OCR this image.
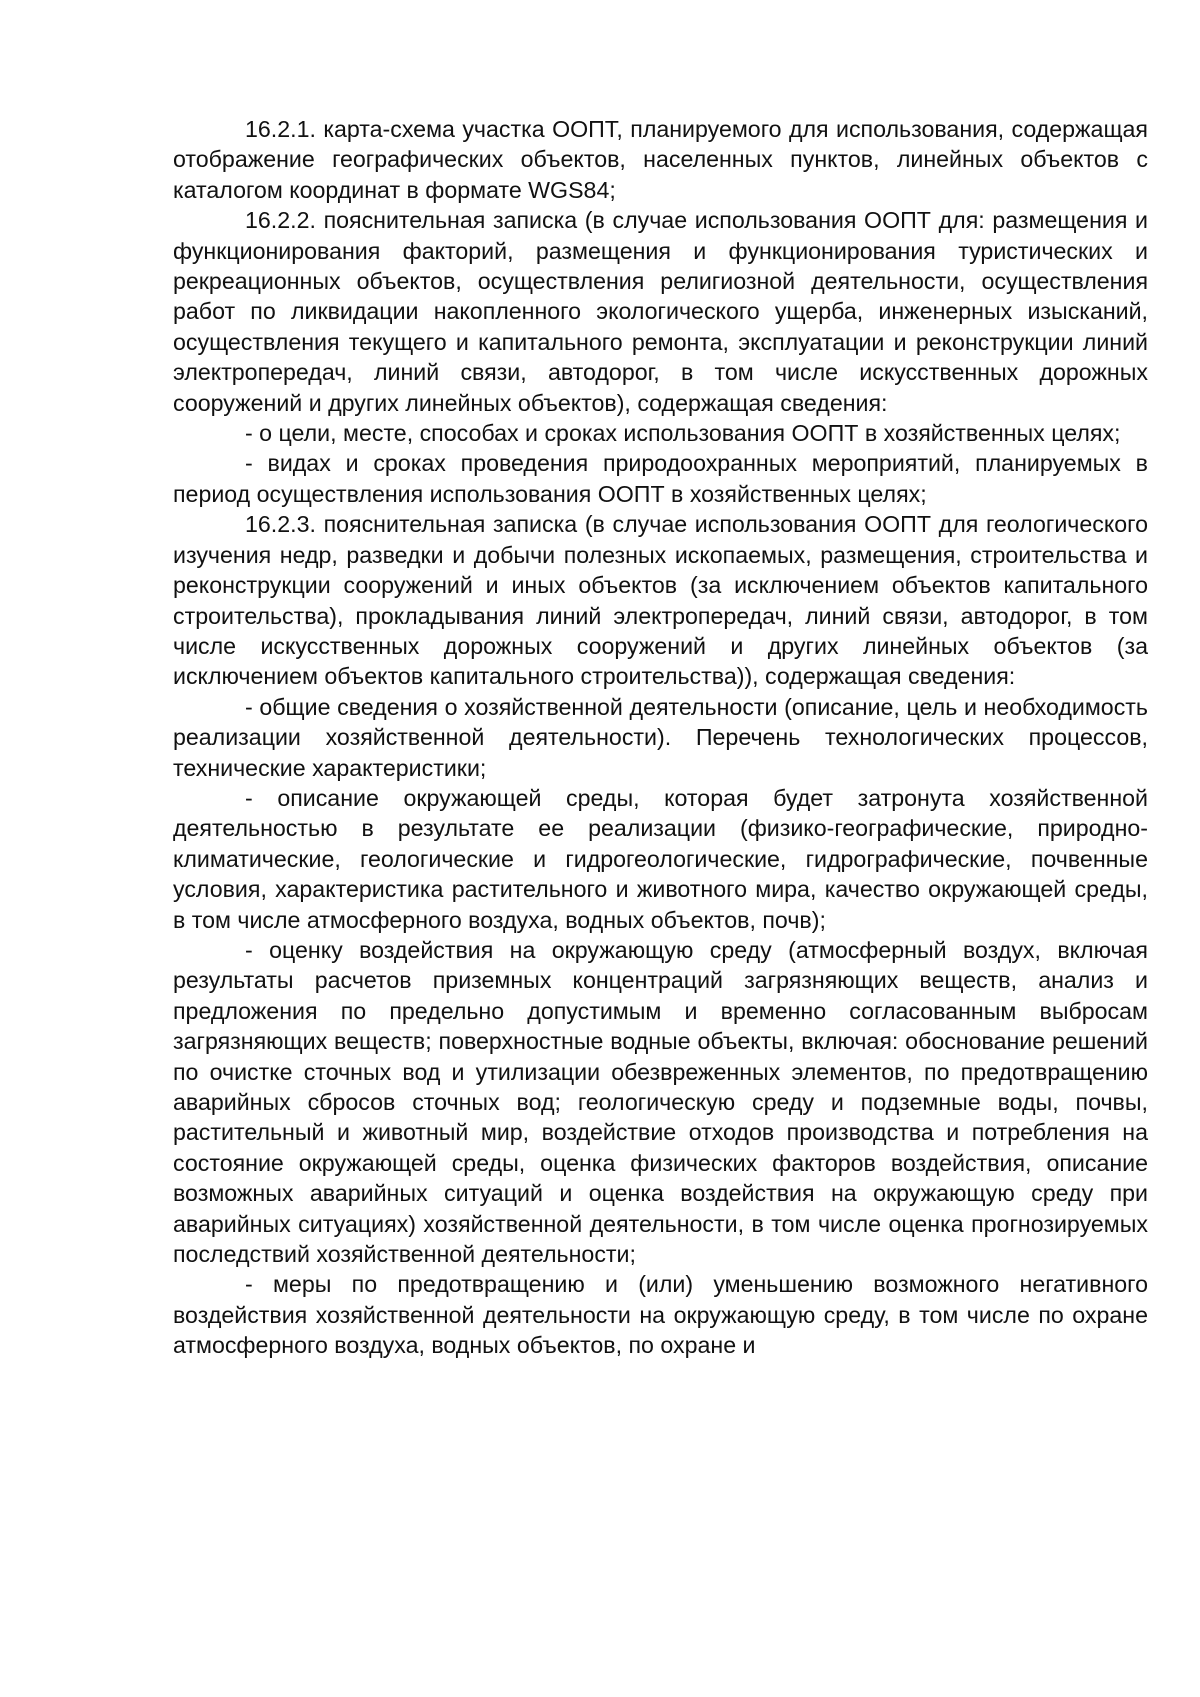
16.2.1. карта-схема участка ООПТ, планируемого для использования, содержащая отображение географических объектов, населенных пунктов, линейных объектов с каталогом координат в формате WGS84;

16.2.2. пояснительная записка (в случае использования ООПТ для: размещения и функционирования факторий, размещения и функционирования туристических и рекреационных объектов, осуществления религиозной деятельности, осуществления работ по ликвидации накопленного экологического ущерба, инженерных изысканий, осуществления текущего и капитального ремонта, эксплуатации и реконструкции линий электропередач, линий связи, автодорог, в том числе искусственных дорожных сооружений и других линейных объектов), содержащая сведения:

- о цели, месте, способах и сроках использования ООПТ в хозяйственных целях;

- видах и сроках проведения природоохранных мероприятий, планируемых в период осуществления использования ООПТ в хозяйственных целях;

16.2.3. пояснительная записка (в случае использования ООПТ для геологического изучения недр, разведки и добычи полезных ископаемых, размещения, строительства и реконструкции сооружений и иных объектов (за исключением объектов капитального строительства), прокладывания линий электропередач, линий связи, автодорог, в том числе искусственных дорожных сооружений и других линейных объектов (за исключением объектов капитального строительства)), содержащая сведения:

- общие сведения о хозяйственной деятельности (описание, цель и необходимость реализации хозяйственной деятельности). Перечень технологических процессов, технические характеристики;

- описание окружающей среды, которая будет затронута хозяйственной деятельностью в результате ее реализации (физико-географические, природно-климатические, геологические и гидрогеологические, гидрографические, почвенные условия, характеристика растительного и животного мира, качество окружающей среды, в том числе атмосферного воздуха, водных объектов, почв);

- оценку воздействия на окружающую среду (атмосферный воздух, включая результаты расчетов приземных концентраций загрязняющих веществ, анализ и предложения по предельно допустимым и временно согласованным выбросам загрязняющих веществ; поверхностные водные объекты, включая: обоснование решений по очистке сточных вод и утилизации обезвреженных элементов, по предотвращению аварийных сбросов сточных вод; геологическую среду и подземные воды, почвы, растительный и животный мир, воздействие отходов производства и потребления на состояние окружающей среды, оценка физических факторов воздействия, описание возможных аварийных ситуаций и оценка воздействия на окружающую среду при аварийных ситуациях) хозяйственной деятельности, в том числе оценка прогнозируемых последствий хозяйственной деятельности;

- меры по предотвращению и (или) уменьшению возможного негативного воздействия хозяйственной деятельности на окружающую среду, в том числе по охране атмосферного воздуха, водных объектов, по охране и
